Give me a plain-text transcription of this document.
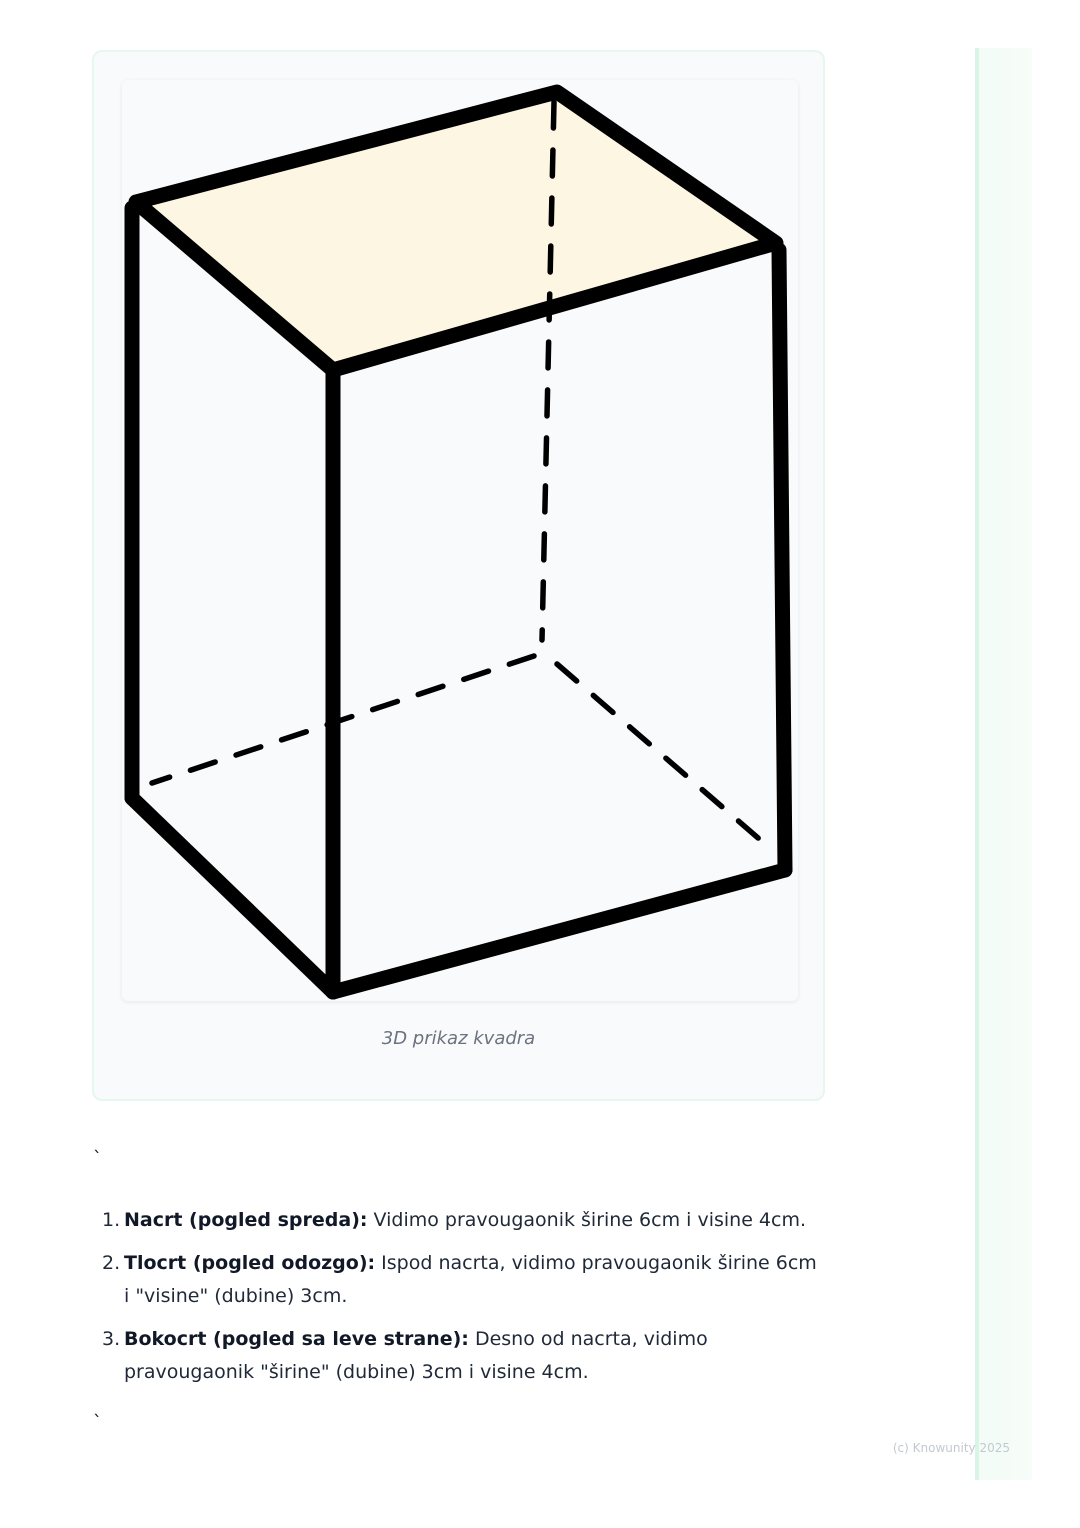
3D prikaz kvadra
`
1. Nacrt (pogled spreda): Vidimo pravougaonik širine 6cm i visine 4cm.
2. Tlocrt (pogled odozgo): Ispod nacrta, vidimo pravougaonik širine 6cm i "visine" (dubine) 3cm.
3. Bokocrt (pogled sa leve strane): Desno od nacrta, vidimo pravougaonik "širine" (dubine) 3cm i visine 4cm.
`
(c) Knowunity 2025
